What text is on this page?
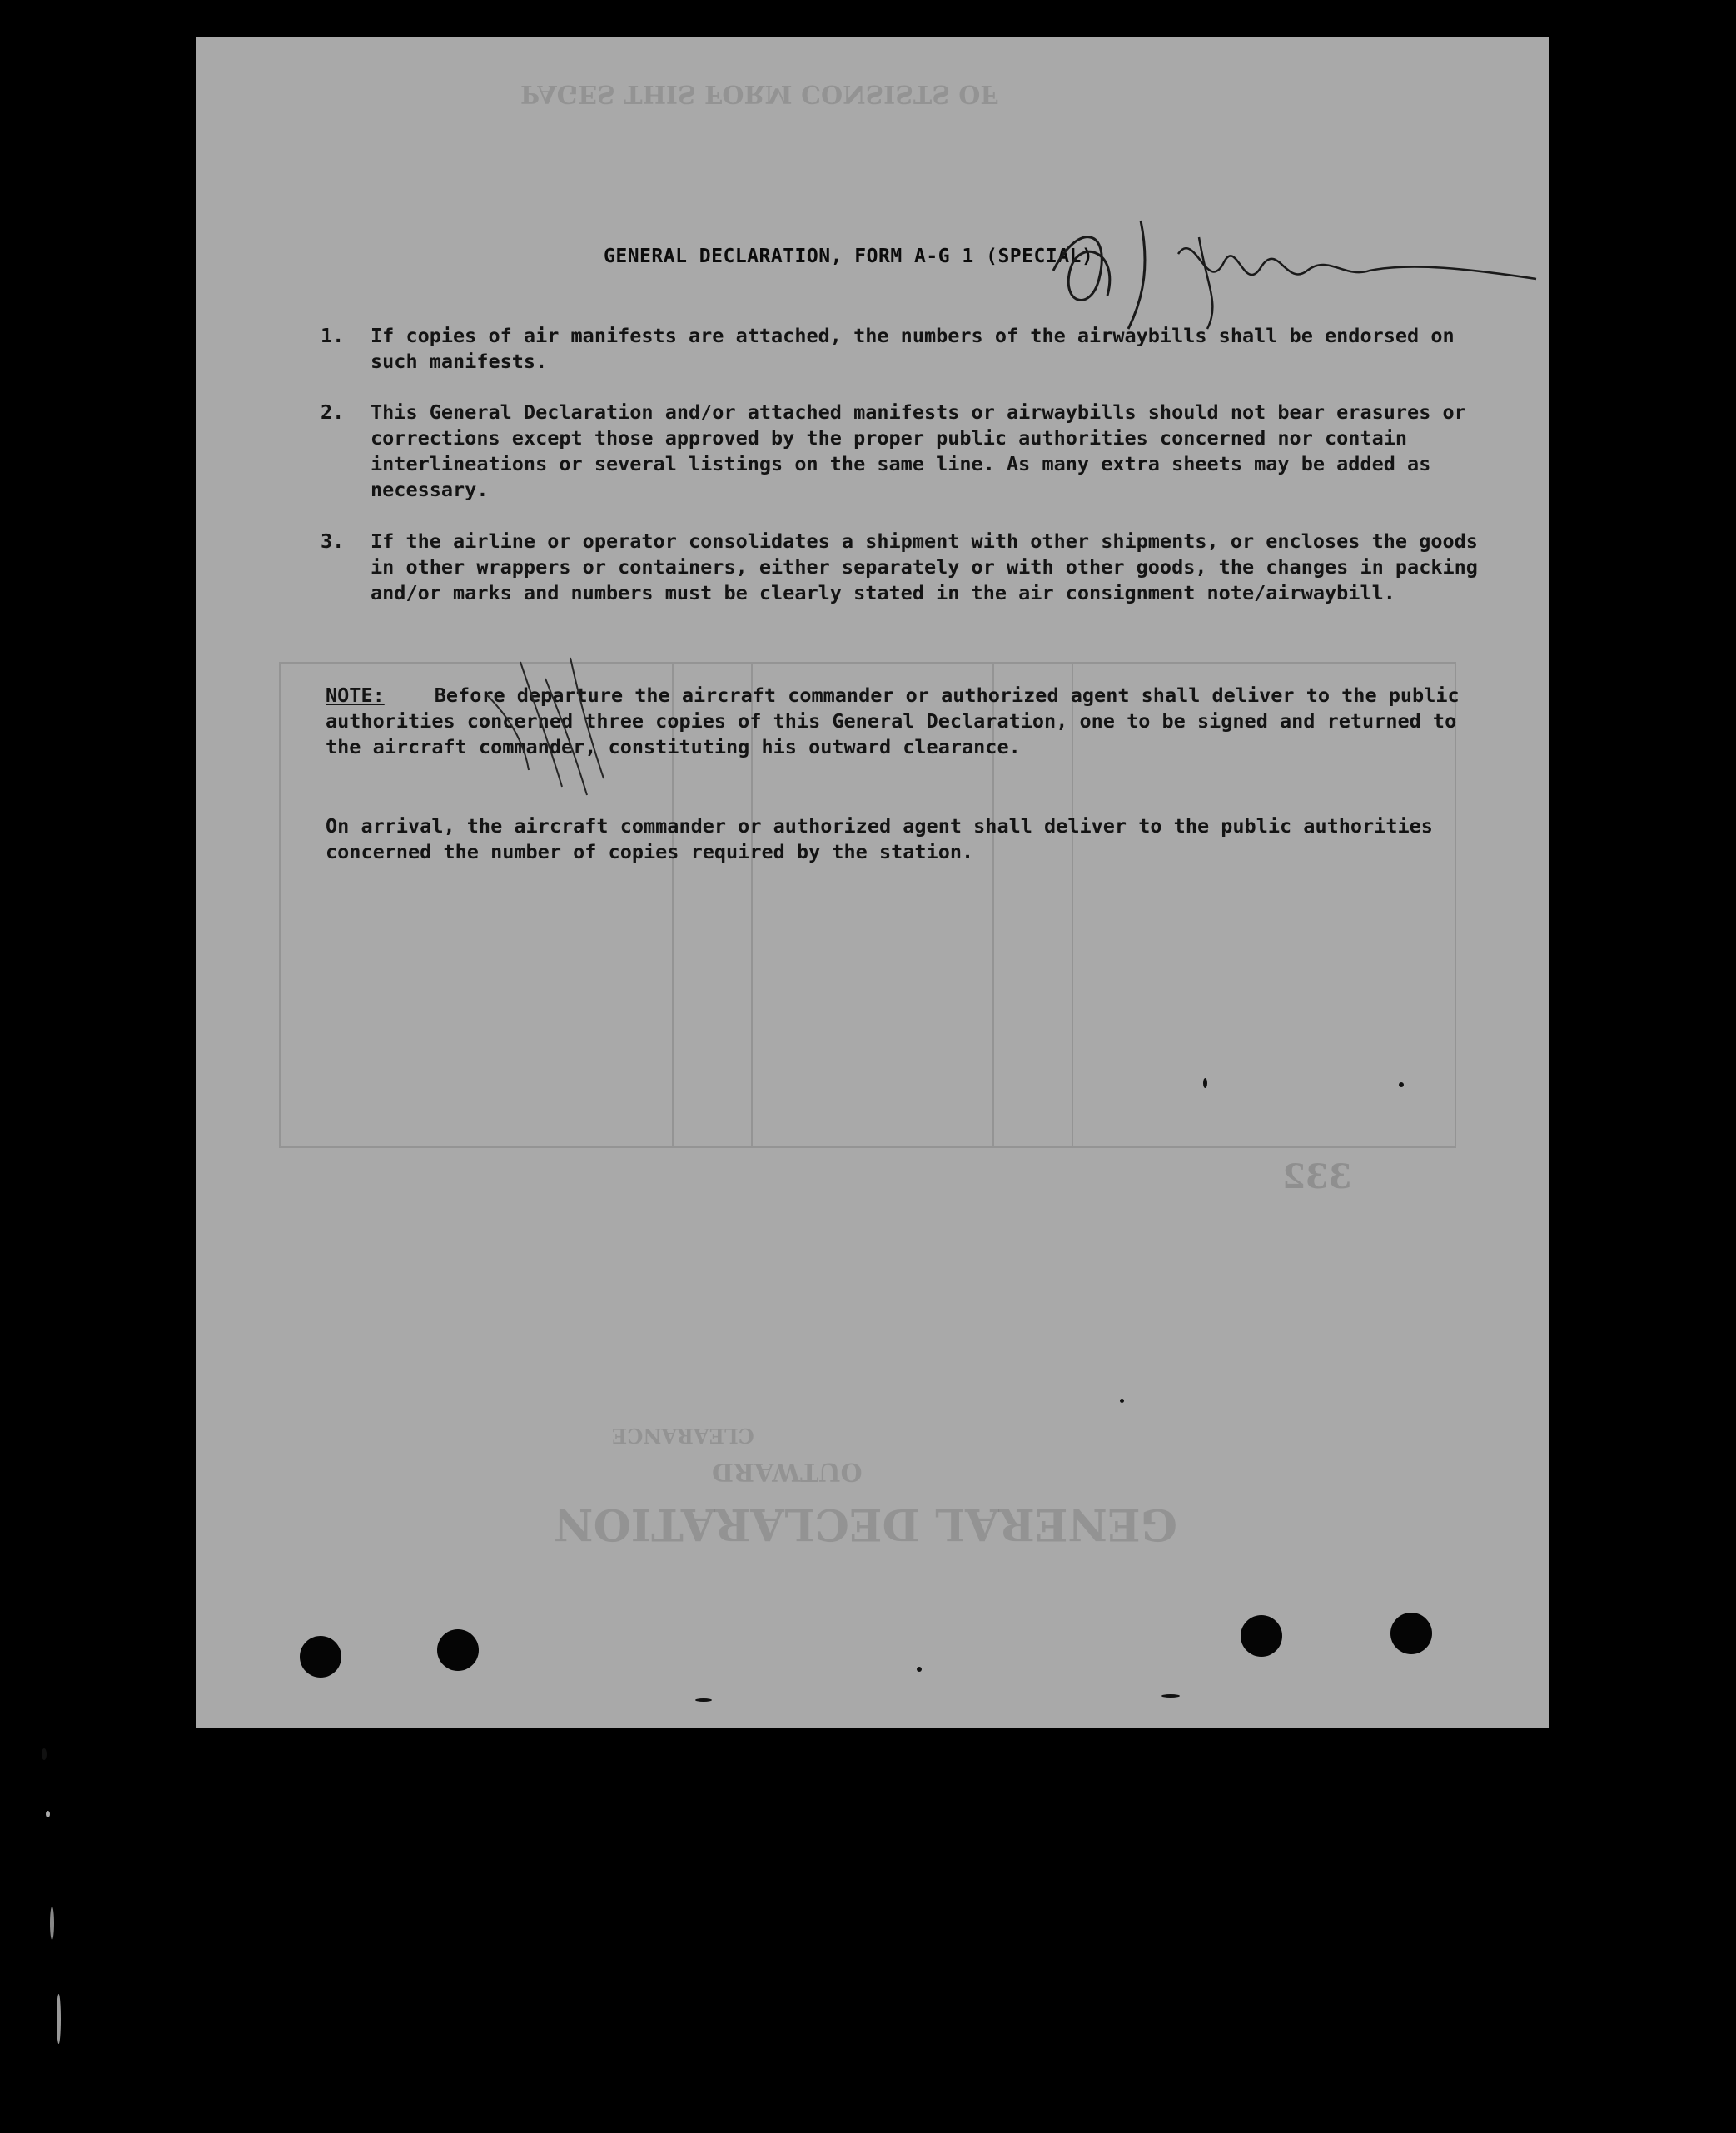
PAGES THIS FORM CONSISTS OF
GENERAL DECLARATION
OUTWARD
CLEARANCE
332
GENERAL DECLARATION, FORM A-G 1 (SPECIAL)
1. If copies of air manifests are attached, the numbers of the airwaybills shall be endorsed on such manifests.
2. This General Declaration and/or attached manifests or airwaybills should not bear erasures or corrections except those approved by the proper public authorities concerned nor contain interlineations or several listings on the same line. As many extra sheets may be added as necessary.
3. If the airline or operator consolidates a shipment with other shipments, or encloses the goods in other wrappers or containers, either separately or with other goods, the changes in packing and/or marks and numbers must be clearly stated in the air consignment note/airwaybill.
NOTE:	Before departure the aircraft commander or authorized agent shall deliver to the public authorities concerned three copies of this General Declaration, one to be signed and returned to the aircraft commander, constituting his outward clearance.
On arrival, the aircraft commander or authorized agent shall deliver to the public authorities concerned the number of copies required by the station.
